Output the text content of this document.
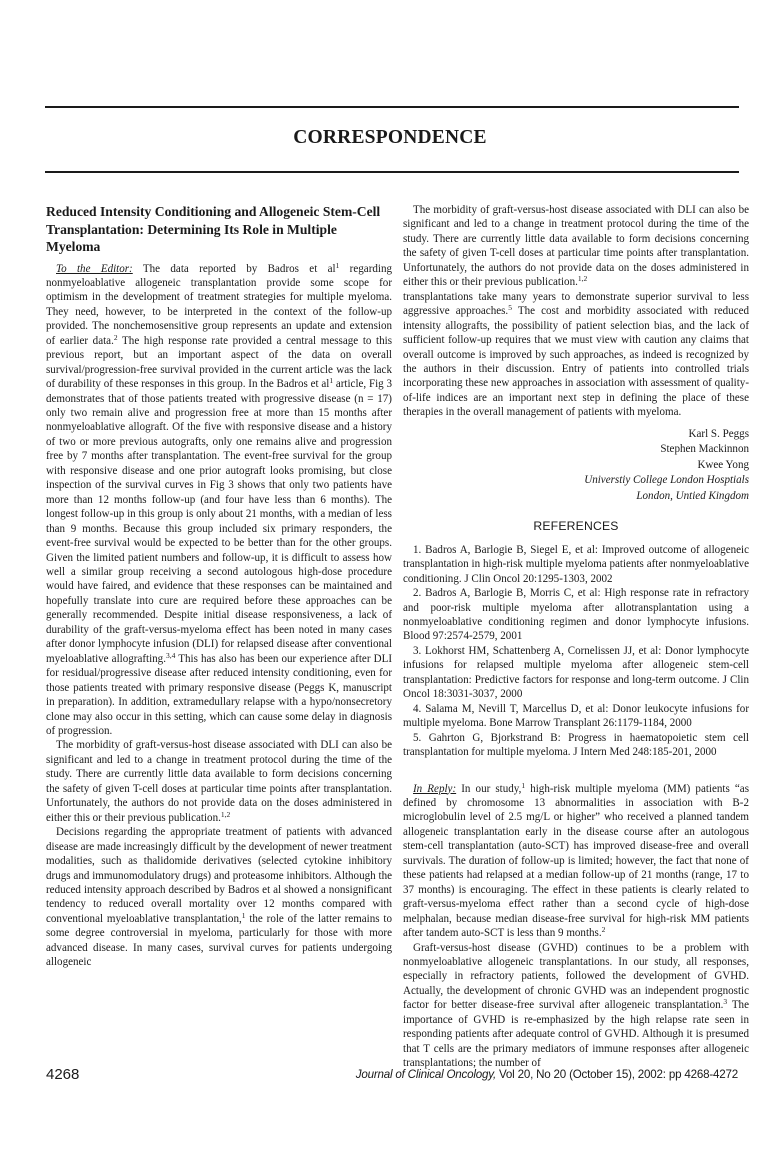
CORRESPONDENCE
Reduced Intensity Conditioning and Allogeneic Stem-Cell Transplantation: Determining Its Role in Multiple Myeloma

To the Editor: The data reported by Badros et $al^1$ regarding nonmyeloablative allogeneic transplantation provide some scope for optimism in the development of treatment strategies for multiple myeloma. They need, however, to be interpreted in the context of the follow-up provided. The nonchemosensitive group represents an update and extension of earlier data.$^2$ The high response rate provided a central message to this previous report, but an important aspect of the data on overall survival/progression-free survival provided in the current article was the lack of durability of these responses in this group. In the Badros et $al^1$ article, Fig 3 demonstrates that of those patients treated with progressive disease (n = 17) only two remain alive and progression free at more than 15 months after nonmyeloablative allograft. Of the five with responsive disease and a history of two or more previous autografts, only one remains alive and progression free by 7 months after transplantation. The event-free survival for the group with responsive disease and one prior autograft looks promising, but close inspection of the survival curves in Fig 3 shows that only two patients have more than 12 months follow-up (and four have less than 6 months). The longest follow-up in this group is only about 21 months, with a median of less than 9 months. Because this group included six primary responders, the event-free survival would be expected to be better than for the other groups. Given the limited patient numbers and follow-up, it is difficult to assess how well a similar group receiving a second autologous high-dose procedure would have faired, and evidence that these responses can be maintained and hopefully translate into cure are required before these approaches can be generally recommended. Despite initial disease responsiveness, a lack of durability of the graft-versus-myeloma effect has been noted in many cases after donor lymphocyte infusion (DLI) for relapsed disease after conventional myeloablative allografting.$^{3,4}$ This has also has been our experience after DLI for residual/progressive disease after reduced intensity conditioning, even for those patients treated with primary responsive disease (Peggs K, manuscript in preparation). In addition, extramedullary relapse with a hypo/nonsecretory clone may also occur in this setting, which can cause some delay in diagnosis of progression.

The morbidity of graft-versus-host disease associated with DLI can also be significant and led to a change in treatment protocol during the time of the study. There are currently little data available to form decisions concerning the safety of given T-cell doses at particular time points after transplantation. Unfortunately, the authors do not provide data on the doses administered in either this or their previous publication.$^{1,2}$

Decisions regarding the appropriate treatment of patients with advanced disease are made increasingly difficult by the development of newer treatment modalities, such as thalidomide derivatives (selected cytokine inhibitory drugs and immunomodulatory drugs) and proteasome inhibitors. Although the reduced intensity approach described by Badros et al showed a nonsignificant tendency to reduced overall mortality over 12 months compared with conventional myeloablative transplantation,$^1$ the role of the latter remains to some degree controversial in myeloma, particularly for those with more advanced disease. In many cases, survival curves for patients undergoing allogeneic

The morbidity of graft-versus-host disease associated with DLI can also be significant and led to a change in treatment protocol during the time of the study. There are currently little data available to form decisions concerning the safety of given T-cell doses at particular time points after transplantation. Unfortunately, the authors do not provide data on the doses administered in either this or their previous publication.$^{1,2}$

transplantations take many years to demonstrate superior survival to less aggressive approaches.$^5$ The cost and morbidity associated with reduced intensity allografts, the possibility of patient selection bias, and the lack of sufficient follow-up requires that we must view with caution any claims that overall outcome is improved by such approaches, as indeed is recognized by the authors in their discussion. Entry of patients into controlled trials incorporating these new approaches in association with assessment of quality-of-life indices are an important next step in defining the place of these therapies in the overall management of patients with myeloma.

Karl S. Peggs
Stephen Mackinnon
Kwee Yong
Universtiy College London Hosptials
London, Untied Kingdom
REFERENCES

1. Badros A, Barlogie B, Siegel E, et al: Improved outcome of allogeneic transplantation in high-risk multiple myeloma patients after nonmyeloablative conditioning. J Clin Oncol 20:1295-1303, 2002

2. Badros A, Barlogie B, Morris C, et al: High response rate in refractory and poor-risk multiple myeloma after allotransplantation using a nonmyeloablative conditioning regimen and donor lymphocyte infusions. Blood 97:2574-2579, 2001

3. Lokhorst HM, Schattenberg A, Cornelissen JJ, et al: Donor lymphocyte infusions for relapsed multiple myeloma after allogeneic stem-cell transplantation: Predictive factors for response and long-term outcome. J Clin Oncol 18:3031-3037, 2000

4. Salama M, Nevill T, Marcellus D, et al: Donor leukocyte infusions for multiple myeloma. Bone Marrow Transplant 26:1179-1184, 2000

5. Gahrton G, Bjorkstrand B: Progress in haematopoietic stem cell transplantation for multiple myeloma. J Intern Med 248:185-201, 2000

In Reply: In our study,$^1$ high-risk multiple myeloma (MM) patients “as defined by chromosome 13 abnormalities in association with B-2 microglobulin level of 2.5 mg/L or higher” who received a planned tandem allogeneic transplantation early in the disease course after an autologous stem-cell transplantation (auto-SCT) has improved disease-free and overall survivals. The duration of follow-up is limited; however, the fact that none of these patients had relapsed at a median follow-up of 21 months (range, 17 to 37 months) is encouraging. The effect in these patients is clearly related to graft-versus-myeloma effect rather than a second cycle of high-dose melphalan, because median disease-free survival for high-risk MM patients after tandem auto-SCT is less than 9 months.$^2$

Graft-versus-host disease (GVHD) continues to be a problem with nonmyeloablative allogeneic transplantations. In our study, all responses, especially in refractory patients, followed the development of GVHD. Actually, the development of chronic GVHD was an independent prognostic factor for better disease-free survival after allogeneic transplantation.$^3$ The importance of GVHD is re-emphasized by the high relapse rate seen in responding patients after adequate control of GVHD. Although it is presumed that T cells are the primary mediators of immune responses after allogeneic transplantations; the number of

4268	Journal of Clinical Oncology, Vol 20, No 20 (October 15), 2002: pp 4268-4272
